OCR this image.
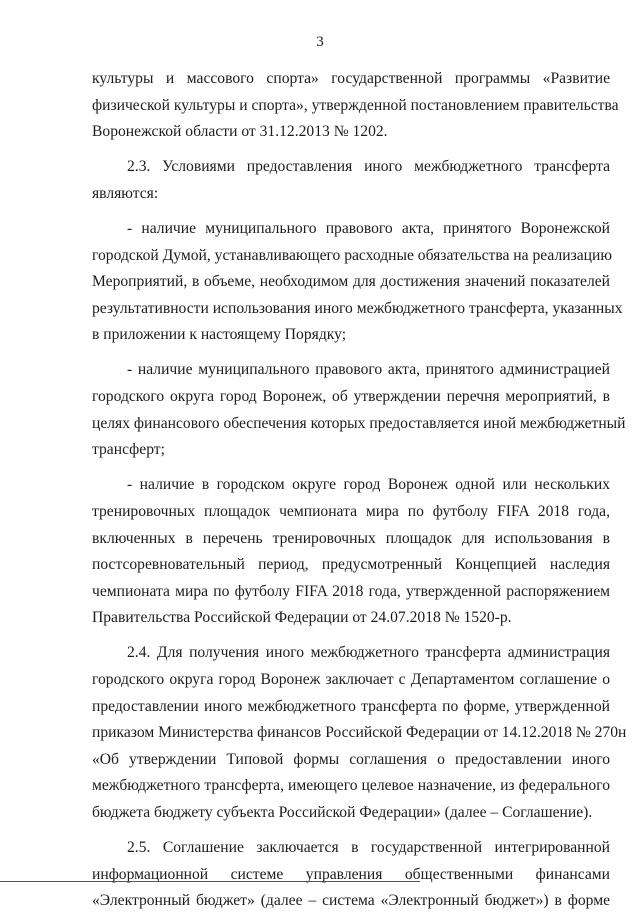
3
культуры и массового спорта» государственной программы «Развитие
физической культуры и спорта», утвержденной постановлением правительства
Воронежской области от 31.12.2013 № 1202.
2.3. Условиями предоставления иного межбюджетного трансферта
являются:
- наличие муниципального правового акта, принятого Воронежской
городской Думой, устанавливающего расходные обязательства на реализацию
Мероприятий, в объеме, необходимом для достижения значений показателей
результативности использования иного межбюджетного трансферта, указанных
в приложении к настоящему Порядку;
- наличие муниципального правового акта, принятого администрацией
городского округа город Воронеж, об утверждении перечня мероприятий, в
целях финансового обеспечения которых предоставляется иной межбюджетный
трансферт;
- наличие в городском округе город Воронеж одной или нескольких
тренировочных площадок чемпионата мира по футболу FIFA 2018 года,
включенных в перечень тренировочных площадок для использования в
постсоревновательный период, предусмотренный Концепцией наследия
чемпионата мира по футболу FIFA 2018 года, утвержденной распоряжением
Правительства Российской Федерации от 24.07.2018 № 1520-р.
2.4. Для получения иного межбюджетного трансферта администрация
городского округа город Воронеж заключает с Департаментом соглашение о
предоставлении иного межбюджетного трансферта по форме, утвержденной
приказом Министерства финансов Российской Федерации от 14.12.2018 № 270н
«Об утверждении Типовой формы соглашения о предоставлении иного
межбюджетного трансферта, имеющего целевое назначение, из федерального
бюджета бюджету субъекта Российской Федерации» (далее – Соглашение).
2.5. Соглашение заключается в государственной интегрированной
информационной системе управления общественными финансами
«Электронный бюджет» (далее – система «Электронный бюджет») в форме
